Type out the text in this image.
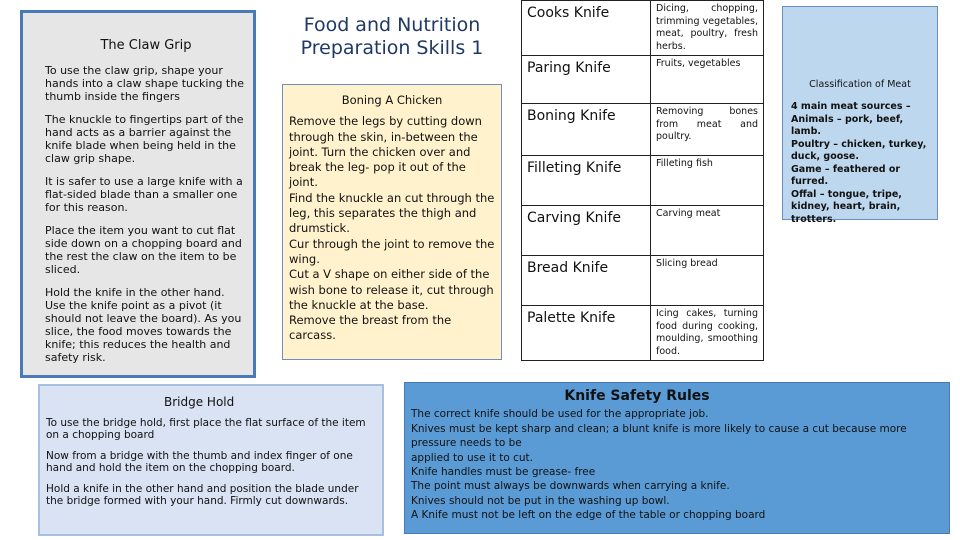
The Claw Grip

To use the claw grip, shape your hands into a claw shape tucking the thumb inside the fingers

The knuckle to fingertips part of the hand acts as a barrier against the knife blade when being held in the claw grip shape.

It is safer to use a large knife with a flat-sided blade than a smaller one for this reason.

Place the item you want to cut flat side down on a chopping board and the rest the claw on the item to be sliced.

Hold the knife in the other hand. Use the knife point as a pivot (it should not leave the board). As you slice, the food moves towards the knife; this reduces the health and safety risk.

Food and Nutrition
Preparation Skills 1
Boning A Chicken
Remove the legs by cutting down through the skin, in-between the joint. Turn the chicken over and break the leg- pop it out of the joint.
Find the knuckle an cut through the leg, this separates the thigh and drumstick.
Cur through the joint to remove the wing.
Cut a V shape on either side of the wish bone to release it, cut through the knuckle at the base.
Remove the breast from the carcass.
Cooks Knife	Dicing, chopping, trimming vegetables, meat, poultry, fresh herbs.
Paring Knife	Fruits, vegetables
Boning Knife	Removing bones from meat and poultry.
Filleting Knife	Filleting fish
Carving Knife	Carving meat
Bread Knife	Slicing bread
Palette Knife	Icing cakes, turning food during cooking, moulding, smoothing food.
Classification of Meat
4 main meat sources –
Animals – pork, beef, lamb.
Poultry – chicken, turkey, duck, goose.
Game – feathered or furred.
Offal – tongue, tripe, kidney, heart, brain, trotters.
Bridge Hold

To use the bridge hold, first place the flat surface of the item on a chopping board

Now from a bridge with the thumb and index finger of one hand and hold the item on the chopping board.

Hold a knife in the other hand and position the blade under the bridge formed with your hand. Firmly cut downwards.

Knife Safety Rules
The correct knife should be used for the appropriate job.
Knives must be kept sharp and clean; a blunt knife is more likely to cause a cut because more pressure needs to be
applied to use it to cut.
Knife handles must be grease- free
The point must always be downwards when carrying a knife.
Knives should not be put in the washing up bowl.
A Knife must not be left on the edge of the table or chopping board
